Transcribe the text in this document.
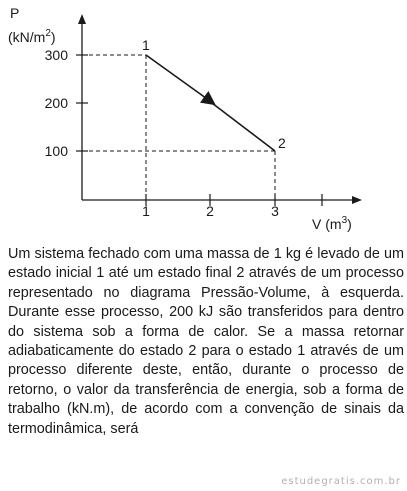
P
$(kN/m^2)$
V $(m^3)$
300
200
100
1	2	3
1
2

Um sistema fechado com uma massa de 1 kg é levado de um estado inicial 1 até um estado final 2 através de um processo representado no diagrama Pressão-Volume, à esquerda. Durante esse processo, 200 kJ são transferidos para dentro do sistema sob a forma de calor. Se a massa retornar adiabaticamente do estado 2 para o estado 1 através de um processo diferente deste, então, durante o processo de retorno, o valor da transferência de energia, sob a forma de trabalho (kN.m), de acordo com a convenção de sinais da termodinâmica, será

estudegratis.com.br
